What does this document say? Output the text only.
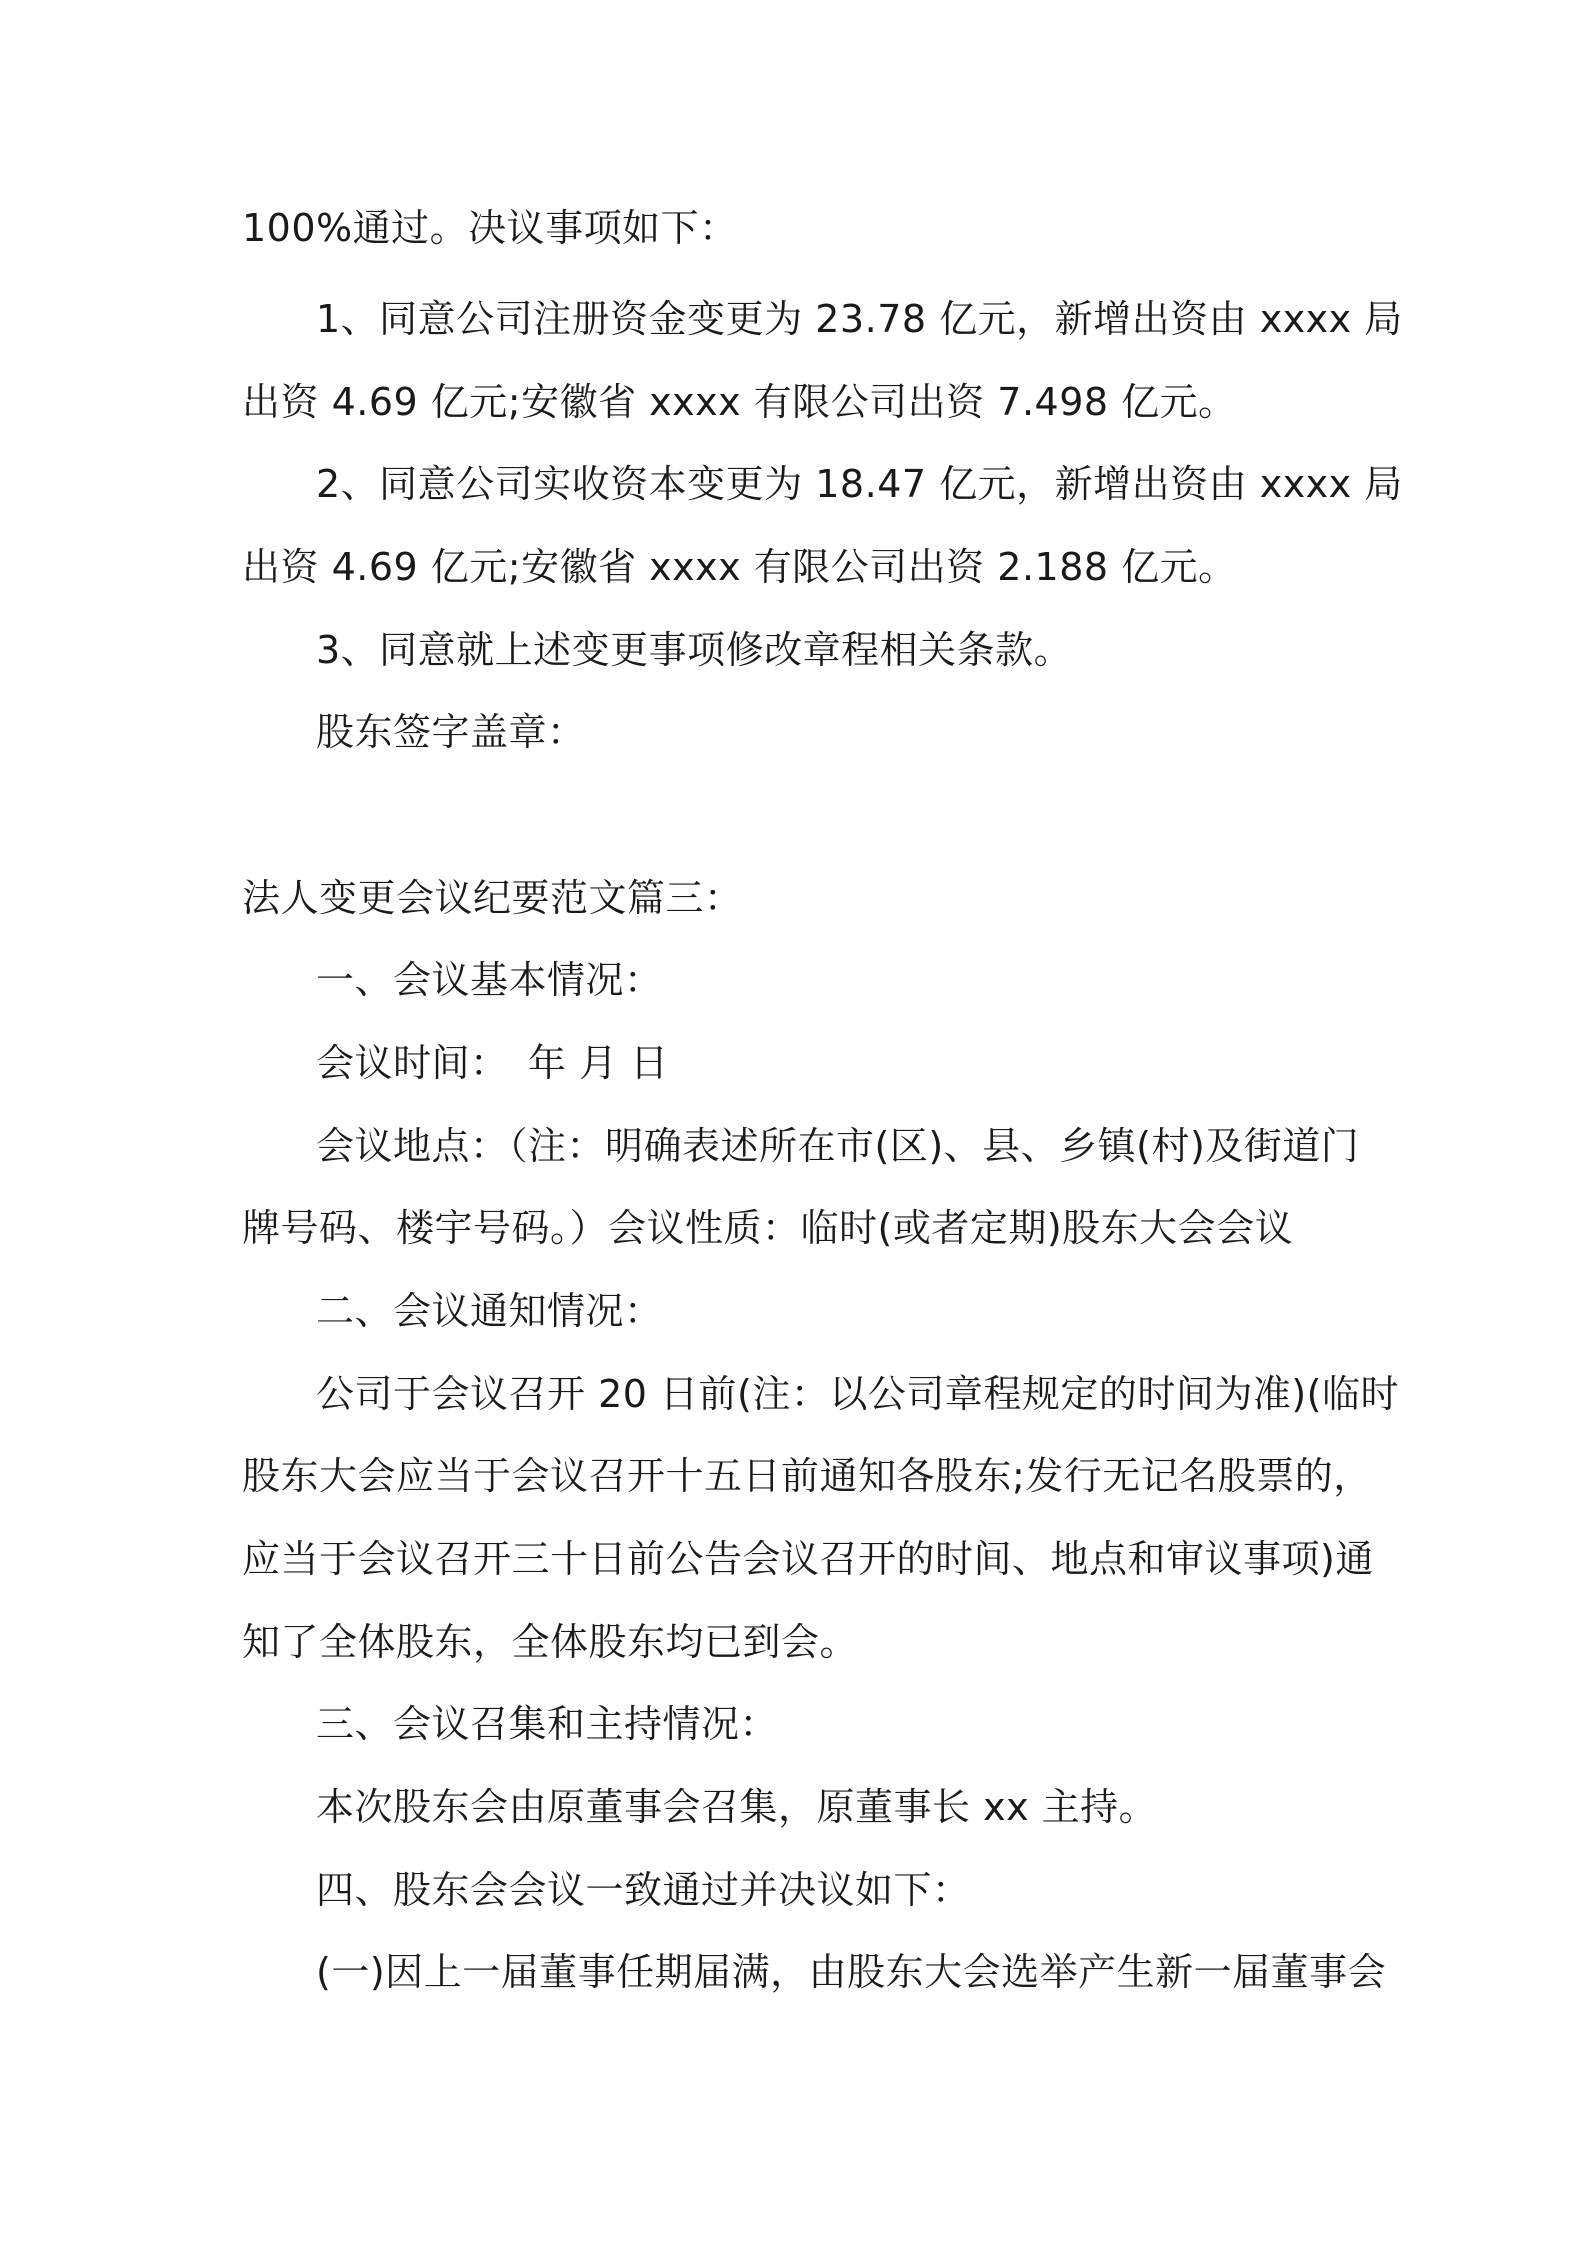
100%通过。决议事项如下：

1、同意公司注册资金变更为 23.78 亿元，新增出资由 xxxx 局

出资 4.69 亿元;安徽省 xxxx 有限公司出资 7.498 亿元。

2、同意公司实收资本变更为 18.47 亿元，新增出资由 xxxx 局

出资 4.69 亿元;安徽省 xxxx 有限公司出资 2.188 亿元。

3、同意就上述变更事项修改章程相关条款。

股东签字盖章：

法人变更会议纪要范文篇三：

一、会议基本情况：

会议时间：　年 月 日

会议地点：（注：明确表述所在市(区)、县、乡镇(村)及街道门

牌号码、楼宇号码。）会议性质：临时(或者定期)股东大会会议

二、会议通知情况：

公司于会议召开 20 日前(注：以公司章程规定的时间为准)(临时

股东大会应当于会议召开十五日前通知各股东;发行无记名股票的，

应当于会议召开三十日前公告会议召开的时间、地点和审议事项)通

知了全体股东，全体股东均已到会。

三、会议召集和主持情况：

本次股东会由原董事会召集，原董事长 xx 主持。

四、股东会会议一致通过并决议如下：

(一)因上一届董事任期届满，由股东大会选举产生新一届董事会
